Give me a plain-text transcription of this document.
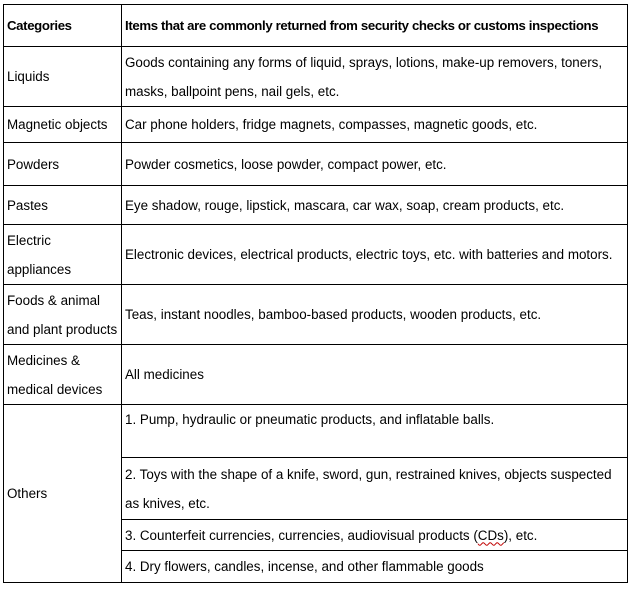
Categories	Items that are commonly returned from security checks or customs inspections
Liquids	Goods containing any forms of liquid, sprays, lotions, make-up removers, toners, masks, ballpoint pens, nail gels, etc.
Magnetic objects	Car phone holders, fridge magnets, compasses, magnetic goods, etc.
Powders	Powder cosmetics, loose powder, compact power, etc.
Pastes	Eye shadow, rouge, lipstick, mascara, car wax, soap, cream products, etc.
Electric appliances	Electronic devices, electrical products, electric toys, etc. with batteries and motors.
Foods & animal and plant products	Teas, instant noodles, bamboo-based products, wooden products, etc.
Medicines & medical devices	All medicines
Others	1. Pump, hydraulic or pneumatic products, and inflatable balls.
	2. Toys with the shape of a knife, sword, gun, restrained knives, objects suspected as knives, etc.
	3. Counterfeit currencies, currencies, audiovisual products (CDs), etc.
	4. Dry flowers, candles, incense, and other flammable goods
